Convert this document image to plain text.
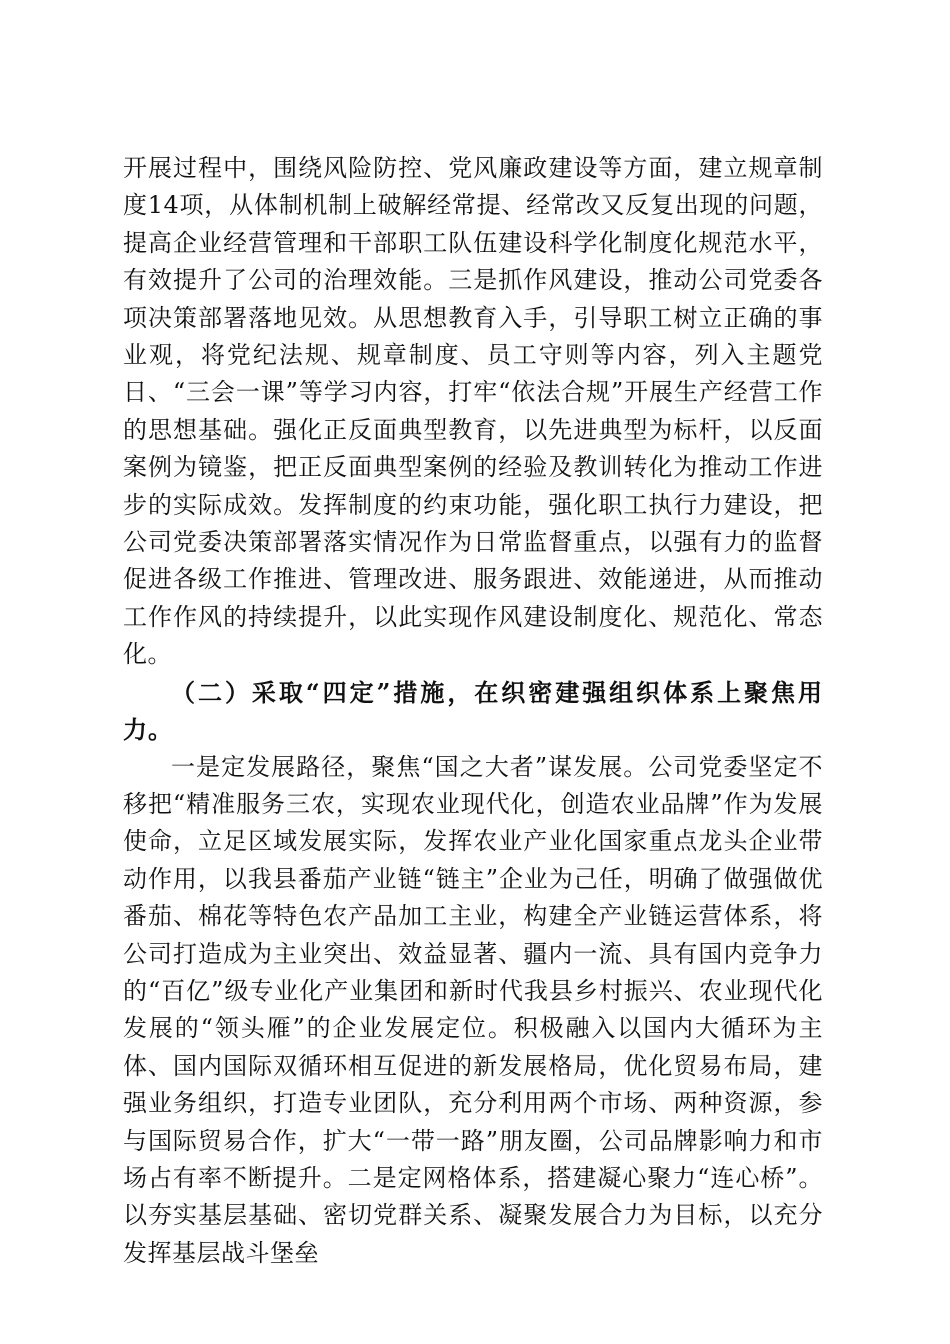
开展过程中，围绕风险防控、党风廉政建设等方面，建立规章制度14项，从体制机制上破解经常提、经常改又反复出现的问题，提高企业经营管理和干部职工队伍建设科学化制度化规范水平，有效提升了公司的治理效能。三是抓作风建设，推动公司党委各项决策部署落地见效。从思想教育入手，引导职工树立正确的事业观，将党纪法规、规章制度、员工守则等内容，列入主题党日、“三会一课”等学习内容，打牢“依法合规”开展生产经营工作的思想基础。强化正反面典型教育，以先进典型为标杆，以反面案例为镜鉴，把正反面典型案例的经验及教训转化为推动工作进步的实际成效。发挥制度的约束功能，强化职工执行力建设，把公司党委决策部署落实情况作为日常监督重点，以强有力的监督促进各级工作推进、管理改进、服务跟进、效能递进，从而推动工作作风的持续提升，以此实现作风建设制度化、规范化、常态化。

（二）采取“四定”措施，在织密建强组织体系上聚焦用力。

一是定发展路径，聚焦“国之大者”谋发展。公司党委坚定不移把“精准服务三农，实现农业现代化，创造农业品牌”作为发展使命，立足区域发展实际，发挥农业产业化国家重点龙头企业带动作用，以我县番茄产业链“链主”企业为己任，明确了做强做优番茄、棉花等特色农产品加工主业，构建全产业链运营体系，将公司打造成为主业突出、效益显著、疆内一流、具有国内竞争力的“百亿”级专业化产业集团和新时代我县乡村振兴、农业现代化发展的“领头雁”的企业发展定位。积极融入以国内大循环为主体、国内国际双循环相互促进的新发展格局，优化贸易布局，建强业务组织，打造专业团队，充分利用两个市场、两种资源，参与国际贸易合作，扩大“一带一路”朋友圈，公司品牌影响力和市场占有率不断提升。二是定网格体系，搭建凝心聚力“连心桥”。以夯实基层基础、密切党群关系、凝聚发展合力为目标，以充分发挥基层战斗堡垒
